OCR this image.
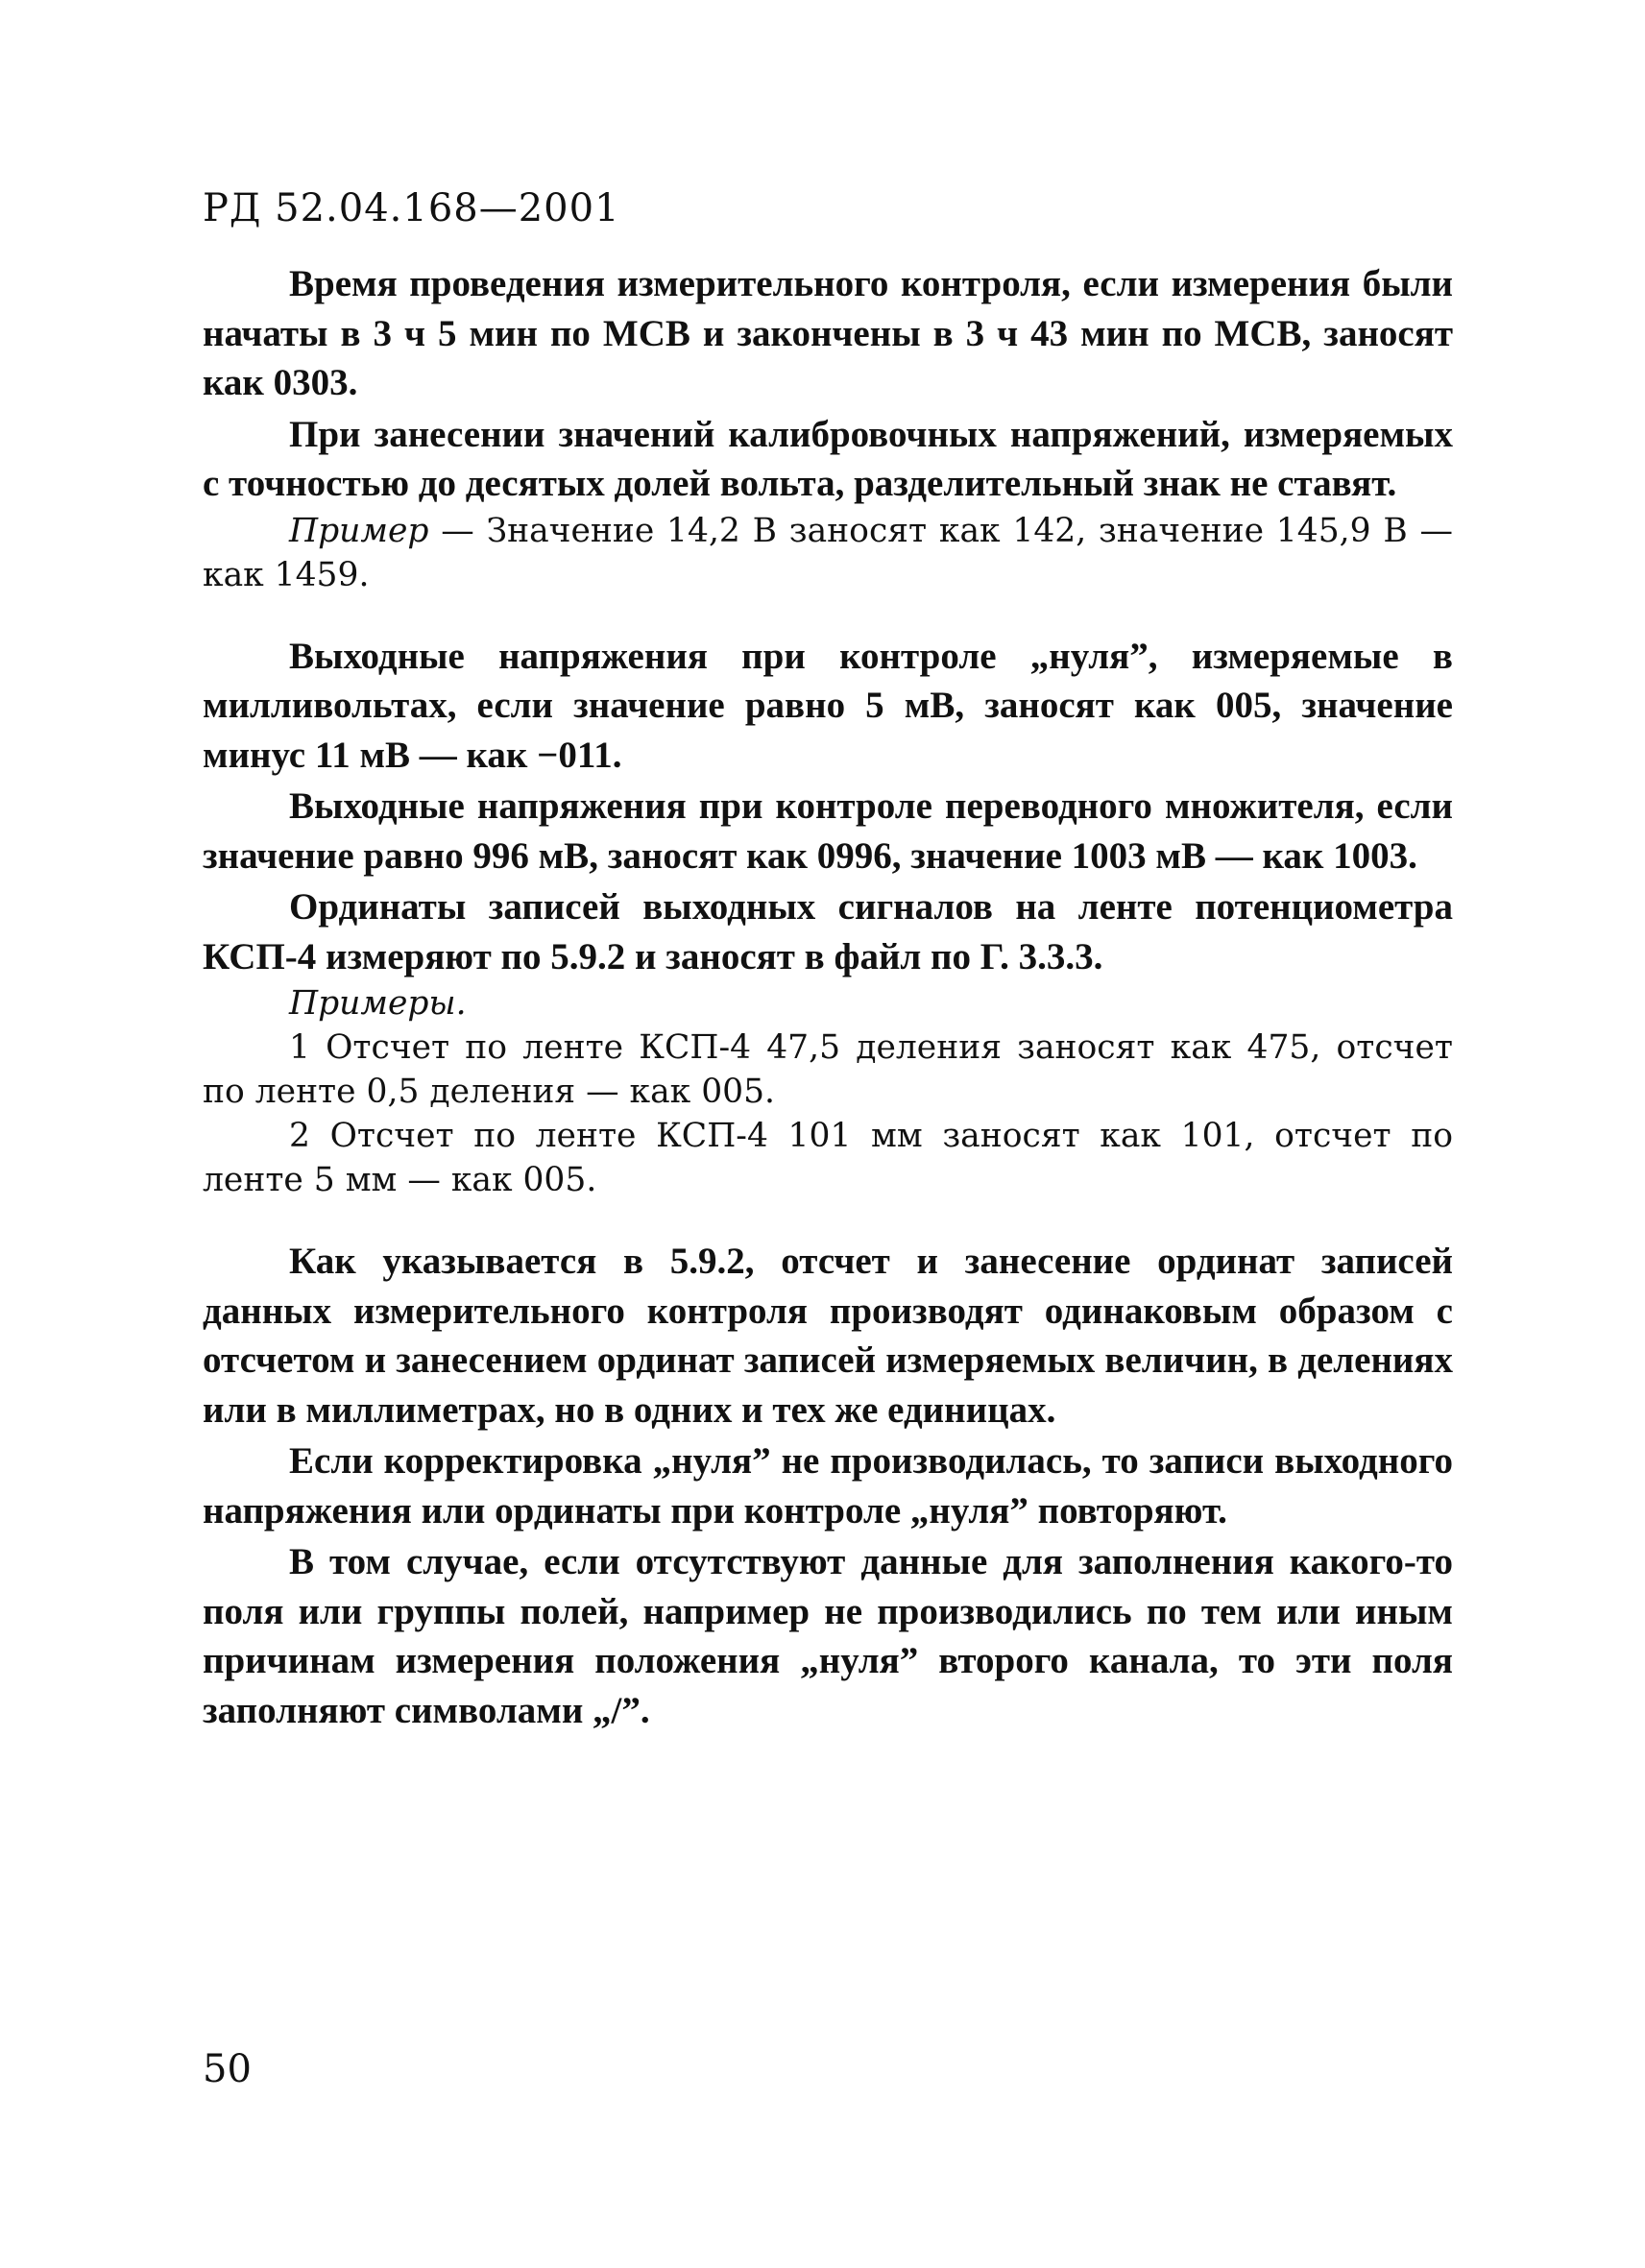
РД 52.04.168—2001

Время проведения измерительного контроля, если измерения были начаты в 3 ч 5 мин по МСВ и закончены в 3 ч 43 мин по МСВ, заносят как 0303.

При занесении значений калибровочных напряжений, измеряемых с точностью до десятых долей вольта, разделительный знак не ставят.

Пример — Значение 14,2 В заносят как 142, значение 145,9 В — как 1459.

Выходные напряжения при контроле „нуля”, измеряемые в милливольтах, если значение равно 5 мВ, заносят как 005, значение минус 11 мВ — как −011.

Выходные напряжения при контроле переводного множителя, если значение равно 996 мВ, заносят как 0996, значение 1003 мВ — как 1003.

Ординаты записей выходных сигналов на ленте потенциометра КСП-4 измеряют по 5.9.2 и заносят в файл по Г. 3.3.3.

Примеры.

1 Отсчет по ленте КСП-4 47,5 деления заносят как 475, отсчет по ленте 0,5 деления — как 005.

2 Отсчет по ленте КСП-4 101 мм заносят как 101, отсчет по ленте 5 мм — как 005.

Как указывается в 5.9.2, отсчет и занесение ординат записей данных измерительного контроля производят одинаковым образом с отсчетом и занесением ординат записей измеряемых величин, в делениях или в миллиметрах, но в одних и тех же единицах.

Если корректировка „нуля” не производилась, то записи выходного напряжения или ординаты при контроле „нуля” повторяют.

В том случае, если отсутствуют данные для заполнения какого-то поля или группы полей, например не производились по тем или иным причинам измерения положения „нуля” второго канала, то эти поля заполняют символами „/”.

50
